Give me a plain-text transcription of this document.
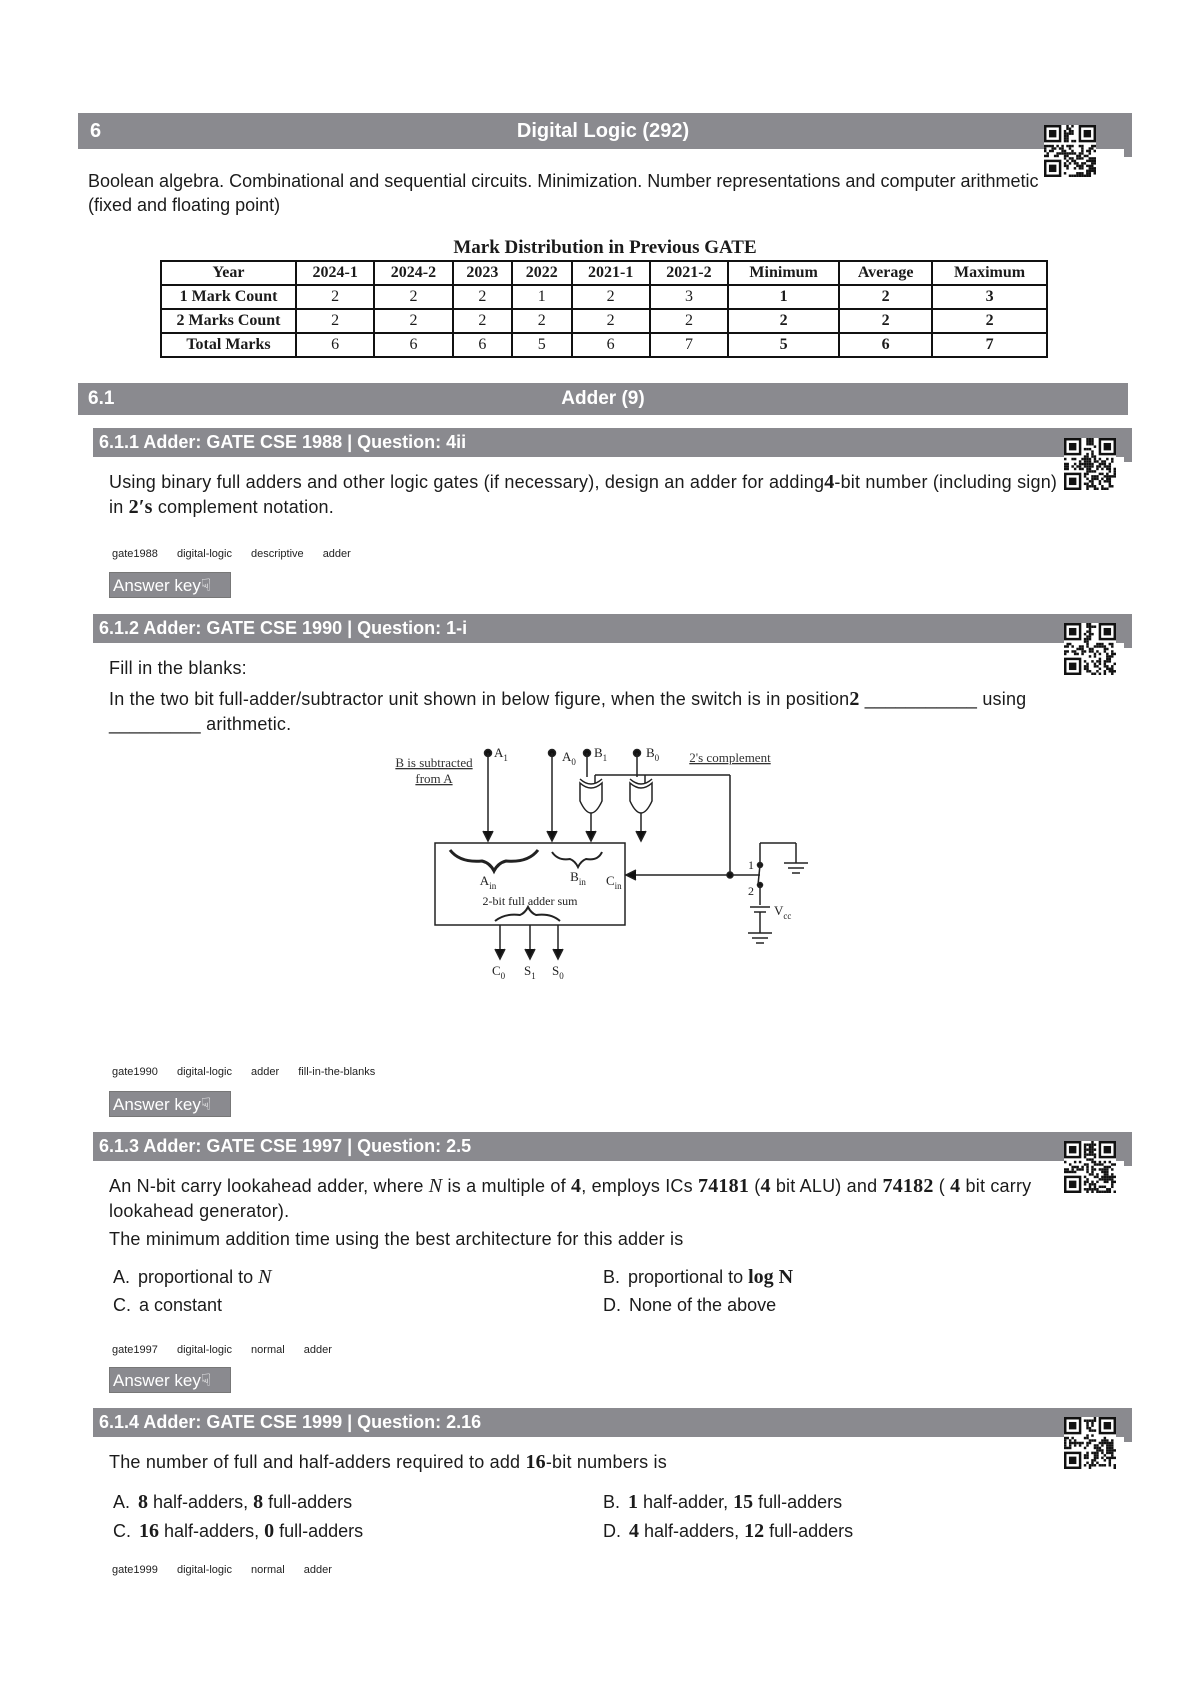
6	Digital Logic (292)
Boolean algebra. Combinational and sequential circuits. Minimization. Number representations and computer arithmetic (fixed and floating point)
Mark Distribution in Previous GATE
Year	2024-1	2024-2	2023	2022	2021-1	2021-2	Minimum	Average	Maximum
1 Mark Count	2	2	2	1	2	3	1	2	3
2 Marks Count	2	2	2	2	2	2	2	2	2
Total Marks	6	6	6	5	6	7	5	6	7
6.1	Adder (9)
6.1.1 Adder: GATE CSE 1988 | Question: 4ii
Using binary full adders and other logic gates (if necessary), design an adder for adding4-bit number (including sign) in 2′s complement notation.
gate1988 digital-logic descriptive adder
Answer key☟
6.1.2 Adder: GATE CSE 1990 | Question: 1-i
Fill in the blanks:
In the two bit full-adder/subtractor unit shown in below figure, when the switch is in position2 ___________ using _________ arithmetic.
B is subtracted
from A
$A_1$	$A_0$
$B_1$	$B_0$ 2's complement
$A_{in}$
$B_{in}$ $C_{in}$
2-bit full adder sum
1
2
$V_{cc}$
$C_0$ $S_1$ $S_0$
gate1990 digital-logic adder fill-in-the-blanks
Answer key☟
6.1.3 Adder: GATE CSE 1997 | Question: 2.5
An N-bit carry lookahead adder, where N is a multiple of 4, employs ICs 74181 (4 bit ALU) and 74182 ( 4 bit carry lookahead generator).
The minimum addition time using the best architecture for this adder is
A. proportional to N	B. proportional to log N
C. a constant	D. None of the above
gate1997 digital-logic normal adder
Answer key☟
6.1.4 Adder: GATE CSE 1999 | Question: 2.16
The number of full and half-adders required to add 16-bit numbers is
A. 8 half-adders, 8 full-adders	B. 1 half-adder, 15 full-adders
C. 16 half-adders, 0 full-adders	D. 4 half-adders, 12 full-adders
gate1999 digital-logic normal adder
